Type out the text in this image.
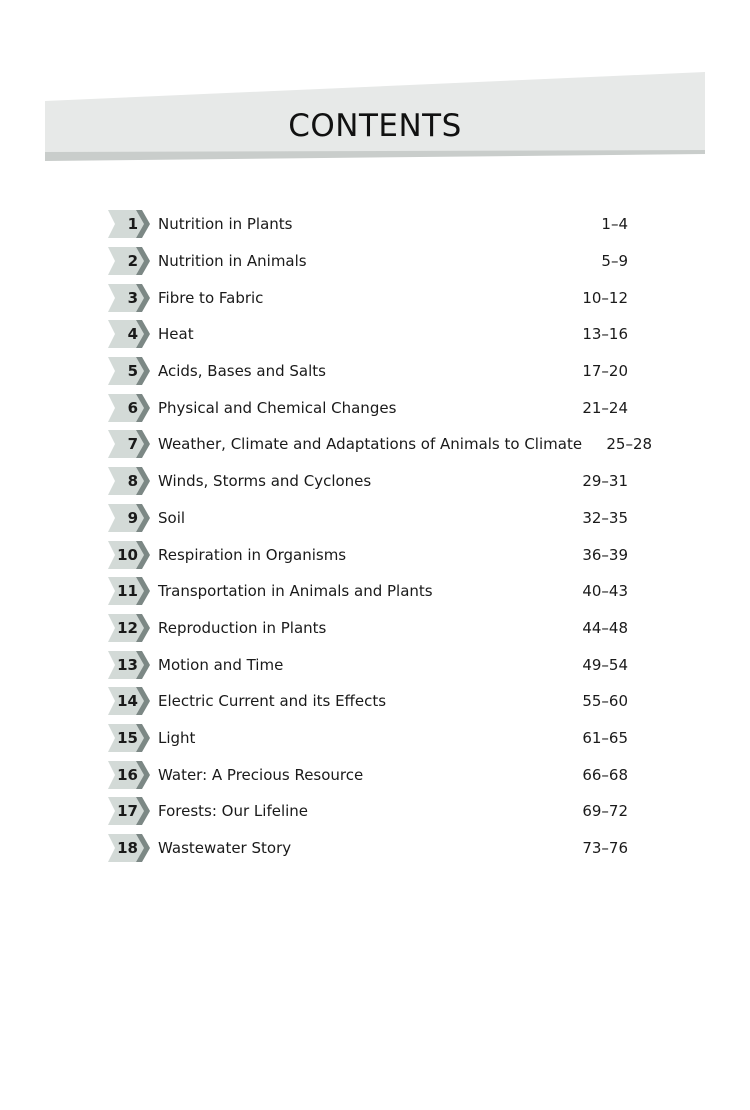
CONTENTS
1 Nutrition in Plants	1–4
2 Nutrition in Animals	5–9
3 Fibre to Fabric	10–12
4 Heat	13–16
5 Acids, Bases and Salts	17–20
6 Physical and Chemical Changes	21–24
7 Weather, Climate and Adaptations of Animals to Climate	25–28
8 Winds, Storms and Cyclones	29–31
9 Soil	32–35
10 Respiration in Organisms	36–39
11 Transportation in Animals and Plants	40–43
12 Reproduction in Plants	44–48
13 Motion and Time	49–54
14 Electric Current and its Effects	55–60
15 Light	61–65
16 Water: A Precious Resource	66–68
17 Forests: Our Lifeline	69–72
18 Wastewater Story	73–76
